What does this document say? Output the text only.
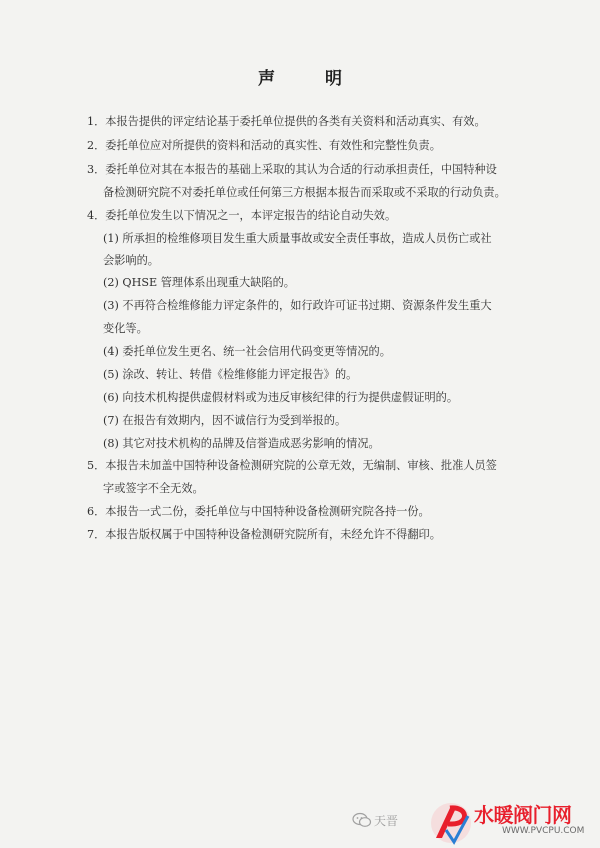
声 明
1．本报告提供的评定结论基于委托单位提供的各类有关资料和活动真实、有效。
2．委托单位应对所提供的资料和活动的真实性、有效性和完整性负责。
3．委托单位对其在本报告的基础上采取的其认为合适的行动承担责任，中国特种设
备检测研究院不对委托单位或任何第三方根据本报告而采取或不采取的行动负责。
4．委托单位发生以下情况之一，本评定报告的结论自动失效。
(1) 所承担的检维修项目发生重大质量事故或安全责任事故，造成人员伤亡或社
会影响的。
(2) QHSE 管理体系出现重大缺陷的。
(3) 不再符合检维修能力评定条件的，如行政许可证书过期、资源条件发生重大
变化等。
(4) 委托单位发生更名、统一社会信用代码变更等情况的。
(5) 涂改、转让、转借《检维修能力评定报告》的。
(6) 向技术机构提供虚假材料或为违反审核纪律的行为提供虚假证明的。
(7) 在报告有效期内，因不诚信行为受到举报的。
(8) 其它对技术机构的品牌及信誉造成恶劣影响的情况。
5．本报告未加盖中国特种设备检测研究院的公章无效，无编制、审核、批准人员签
字或签字不全无效。
6．本报告一式二份，委托单位与中国特种设备检测研究院各持一份。
7．本报告版权属于中国特种设备检测研究院所有，未经允许不得翻印。
天晋	水暖阀门网
WWW.PVCPU.COM
